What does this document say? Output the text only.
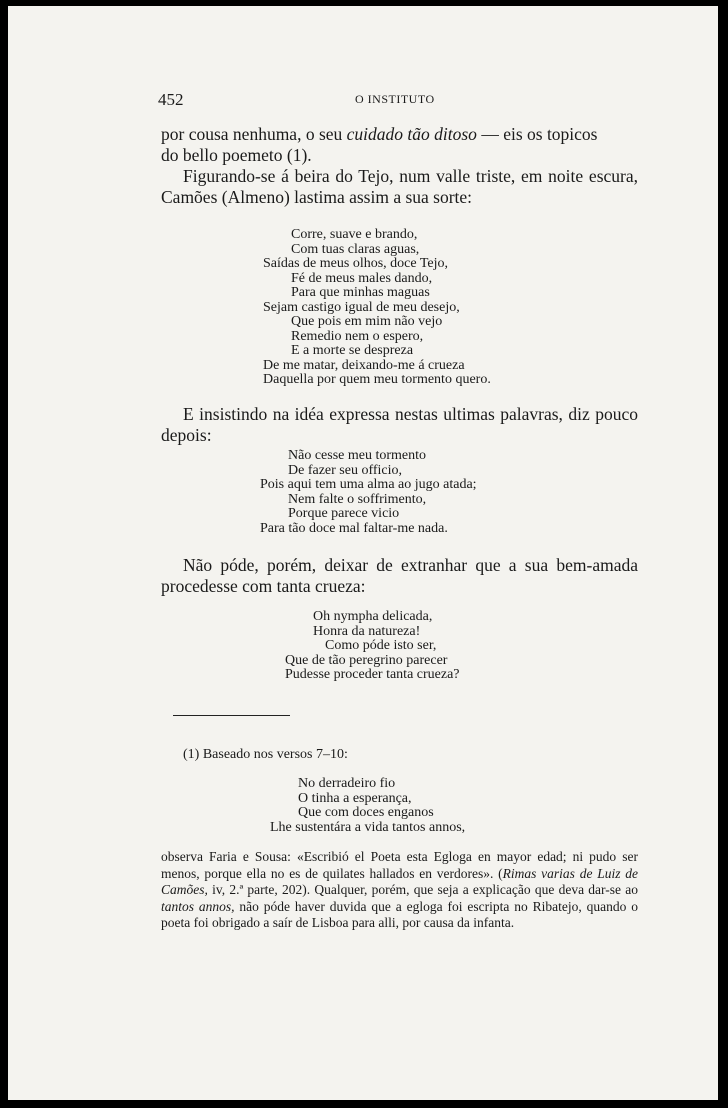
452	O INSTITUTO

por cousa nenhuma, o seu cuidado tão ditoso — eis os topicos

do bello poemeto (1).

Figurando-se á beira do Tejo, num valle triste, em noite escura, Camões (Almeno) lastima assim a sua sorte:

Corre, suave e brando,
Com tuas claras aguas,
Saídas de meus olhos, doce Tejo,
Fé de meus males dando,
Para que minhas maguas
Sejam castigo igual de meu desejo,
Que pois em mim não vejo
Remedio nem o espero,
E a morte se despreza
De me matar, deixando-me á crueza
Daquella por quem meu tormento quero.

E insistindo na idéa expressa nestas ultimas palavras, diz pouco depois:

Não cesse meu tormento
De fazer seu officio,
Pois aqui tem uma alma ao jugo atada;
Nem falte o soffrimento,
Porque parece vicio
Para tão doce mal faltar-me nada.

Não póde, porém, deixar de extranhar que a sua bem-amada procedesse com tanta crueza:

Oh nympha delicada,
Honra da natureza!
Como póde isto ser,
Que de tão peregrino parecer
Pudesse proceder tanta crueza?
(1) Baseado nos versos 7–10:
No derradeiro fio
O tinha a esperança,
Que com doces enganos
Lhe sustentára a vida tantos annos,
observa Faria e Sousa: «Escribió el Poeta esta Egloga en mayor edad; ni pudo ser menos, porque ella no es de quilates hallados en verdores». (Rimas varias de Luiz de Camões, iv, 2.ª parte, 202). Qualquer, porém, que seja a explicação que deva dar-se ao tantos annos, não póde haver duvida que a egloga foi escripta no Ribatejo, quando o poeta foi obrigado a saír de Lisboa para alli, por causa da infanta.
